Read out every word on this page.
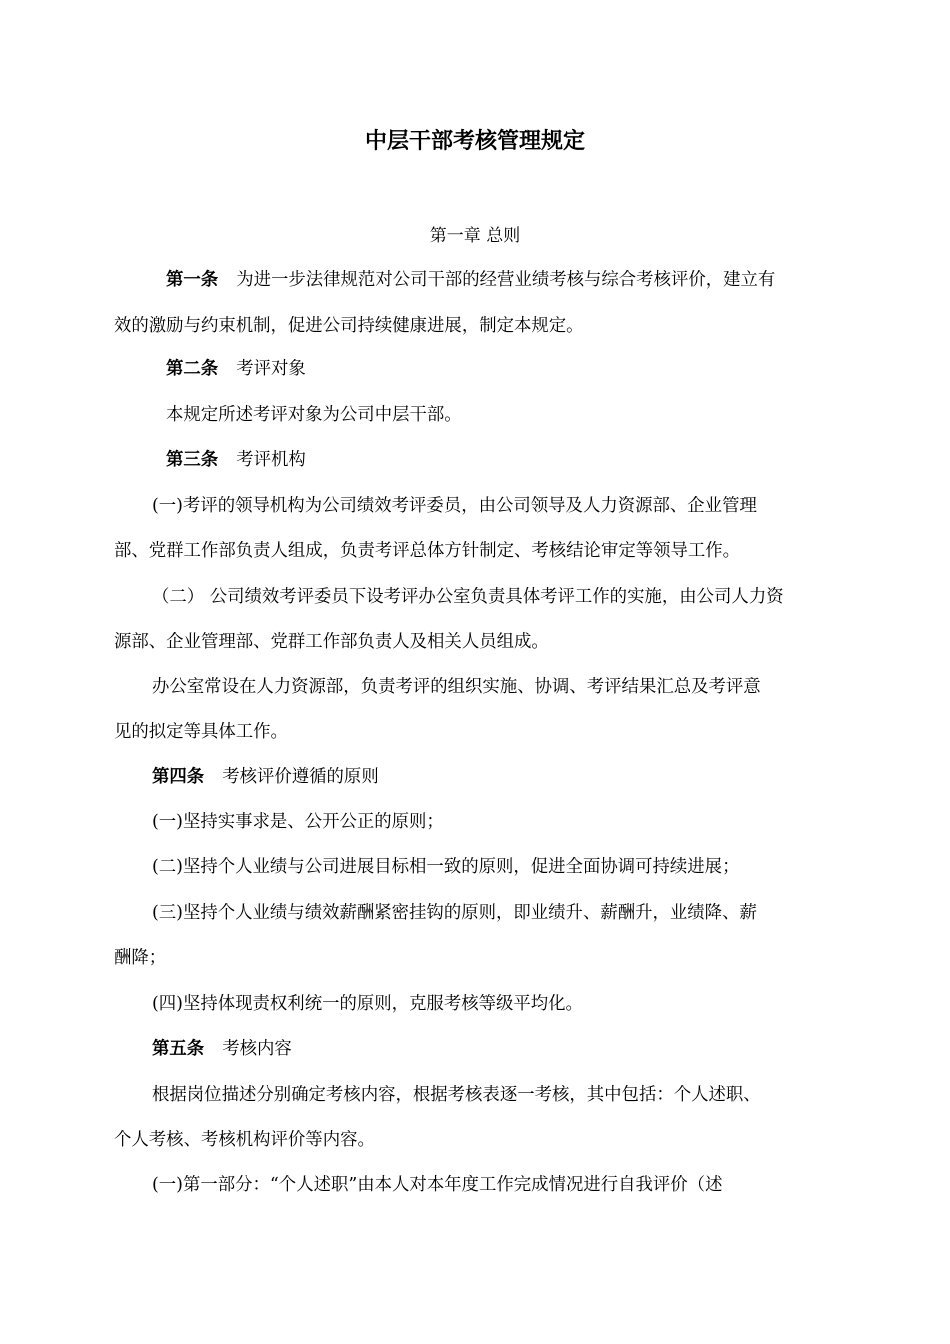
中层干部考核管理规定
第一章 总则
第一条 为进一步法律规范对公司干部的经营业绩考核与综合考核评价，建立有
效的激励与约束机制，促进公司持续健康进展，制定本规定。
第二条 考评对象
本规定所述考评对象为公司中层干部。
第三条 考评机构
(一)考评的领导机构为公司绩效考评委员，由公司领导及人力资源部、企业管理
部、党群工作部负责人组成，负责考评总体方针制定、考核结论审定等领导工作。
（二） 公司绩效考评委员下设考评办公室负责具体考评工作的实施，由公司人力资
源部、企业管理部、党群工作部负责人及相关人员组成。
办公室常设在人力资源部，负责考评的组织实施、协调、考评结果汇总及考评意
见的拟定等具体工作。
第四条 考核评价遵循的原则
(一)坚持实事求是、公开公正的原则；
(二)坚持个人业绩与公司进展目标相一致的原则，促进全面协调可持续进展；
(三)坚持个人业绩与绩效薪酬紧密挂钩的原则，即业绩升、薪酬升，业绩降、薪
酬降；
(四)坚持体现责权利统一的原则，克服考核等级平均化。
第五条 考核内容
根据岗位描述分别确定考核内容，根据考核表逐一考核，其中包括：个人述职、
个人考核、考核机构评价等内容。
(一)第一部分：“个人述职”由本人对本年度工作完成情况进行自我评价（述
